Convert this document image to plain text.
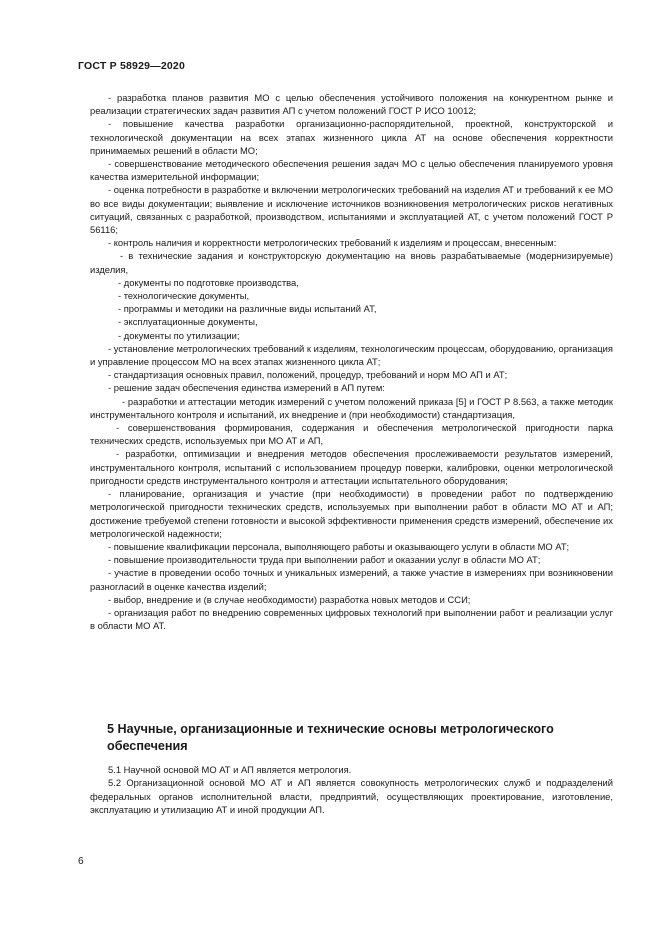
ГОСТ Р 58929—2020

- разработка планов развития МО с целью обеспечения устойчивого положения на конкурентном рынке и реализации стратегических задач развития АП с учетом положений ГОСТ Р ИСО 10012;

- повышение качества разработки организационно-распорядительной, проектной, конструкторской и технологической документации на всех этапах жизненного цикла АТ на основе обеспечения корректности принимаемых решений в области МО;

- совершенствование методического обеспечения решения задач МО с целью обеспечения планируемого уровня качества измерительной информации;

- оценка потребности в разработке и включении метрологических требований на изделия АТ и требований к ее МО во все виды документации; выявление и исключение источников возникновения метрологических рисков негативных ситуаций, связанных с разработкой, производством, испытаниями и эксплуатацией АТ, с учетом положений ГОСТ Р 56116;

- контроль наличия и корректности метрологических требований к изделиям и процессам, внесенным:

- в технические задания и конструкторскую документацию на вновь разрабатываемые (модернизируемые) изделия,

- документы по подготовке производства,

- технологические документы,

- программы и методики на различные виды испытаний АТ,

- эксплуатационные документы,

- документы по утилизации;

- установление метрологических требований к изделиям, технологическим процессам, оборудованию, организация и управление процессом МО на всех этапах жизненного цикла АТ;

- стандартизация основных правил, положений, процедур, требований и норм МО АП и АТ;

- решение задач обеспечения единства измерений в АП путем:

- разработки и аттестации методик измерений с учетом положений приказа [5] и ГОСТ Р 8.563, а также методик инструментального контроля и испытаний, их внедрение и (при необходимости) стандартизация,

- совершенствования формирования, содержания и обеспечения метрологической пригодности парка технических средств, используемых при МО АТ и АП,

- разработки, оптимизации и внедрения методов обеспечения прослеживаемости результатов измерений, инструментального контроля, испытаний с использованием процедур поверки, калибровки, оценки метрологической пригодности средств инструментального контроля и аттестации испытательного оборудования;

- планирование, организация и участие (при необходимости) в проведении работ по подтверждению метрологической пригодности технических средств, используемых при выполнении работ в области МО АТ и АП; достижение требуемой степени готовности и высокой эффективности применения средств измерений, обеспечение их метрологической надежности;

- повышение квалификации персонала, выполняющего работы и оказывающего услуги в области МО АТ;

- повышение производительности труда при выполнении работ и оказании услуг в области МО АТ;

- участие в проведении особо точных и уникальных измерений, а также участие в измерениях при возникновении разногласий в оценке качества изделий;

- выбор, внедрение и (в случае необходимости) разработка новых методов и ССИ;

- организация работ по внедрению современных цифровых технологий при выполнении работ и реализации услуг в области МО АТ.

5 Научные, организационные и технические основы метрологического обеспечения

5.1 Научной основой МО АТ и АП является метрология.

5.2 Организационной основой МО АТ и АП является совокупность метрологических служб и подразделений федеральных органов исполнительной власти, предприятий, осуществляющих проектирование, изготовление, эксплуатацию и утилизацию АТ и иной продукции АП.

6
